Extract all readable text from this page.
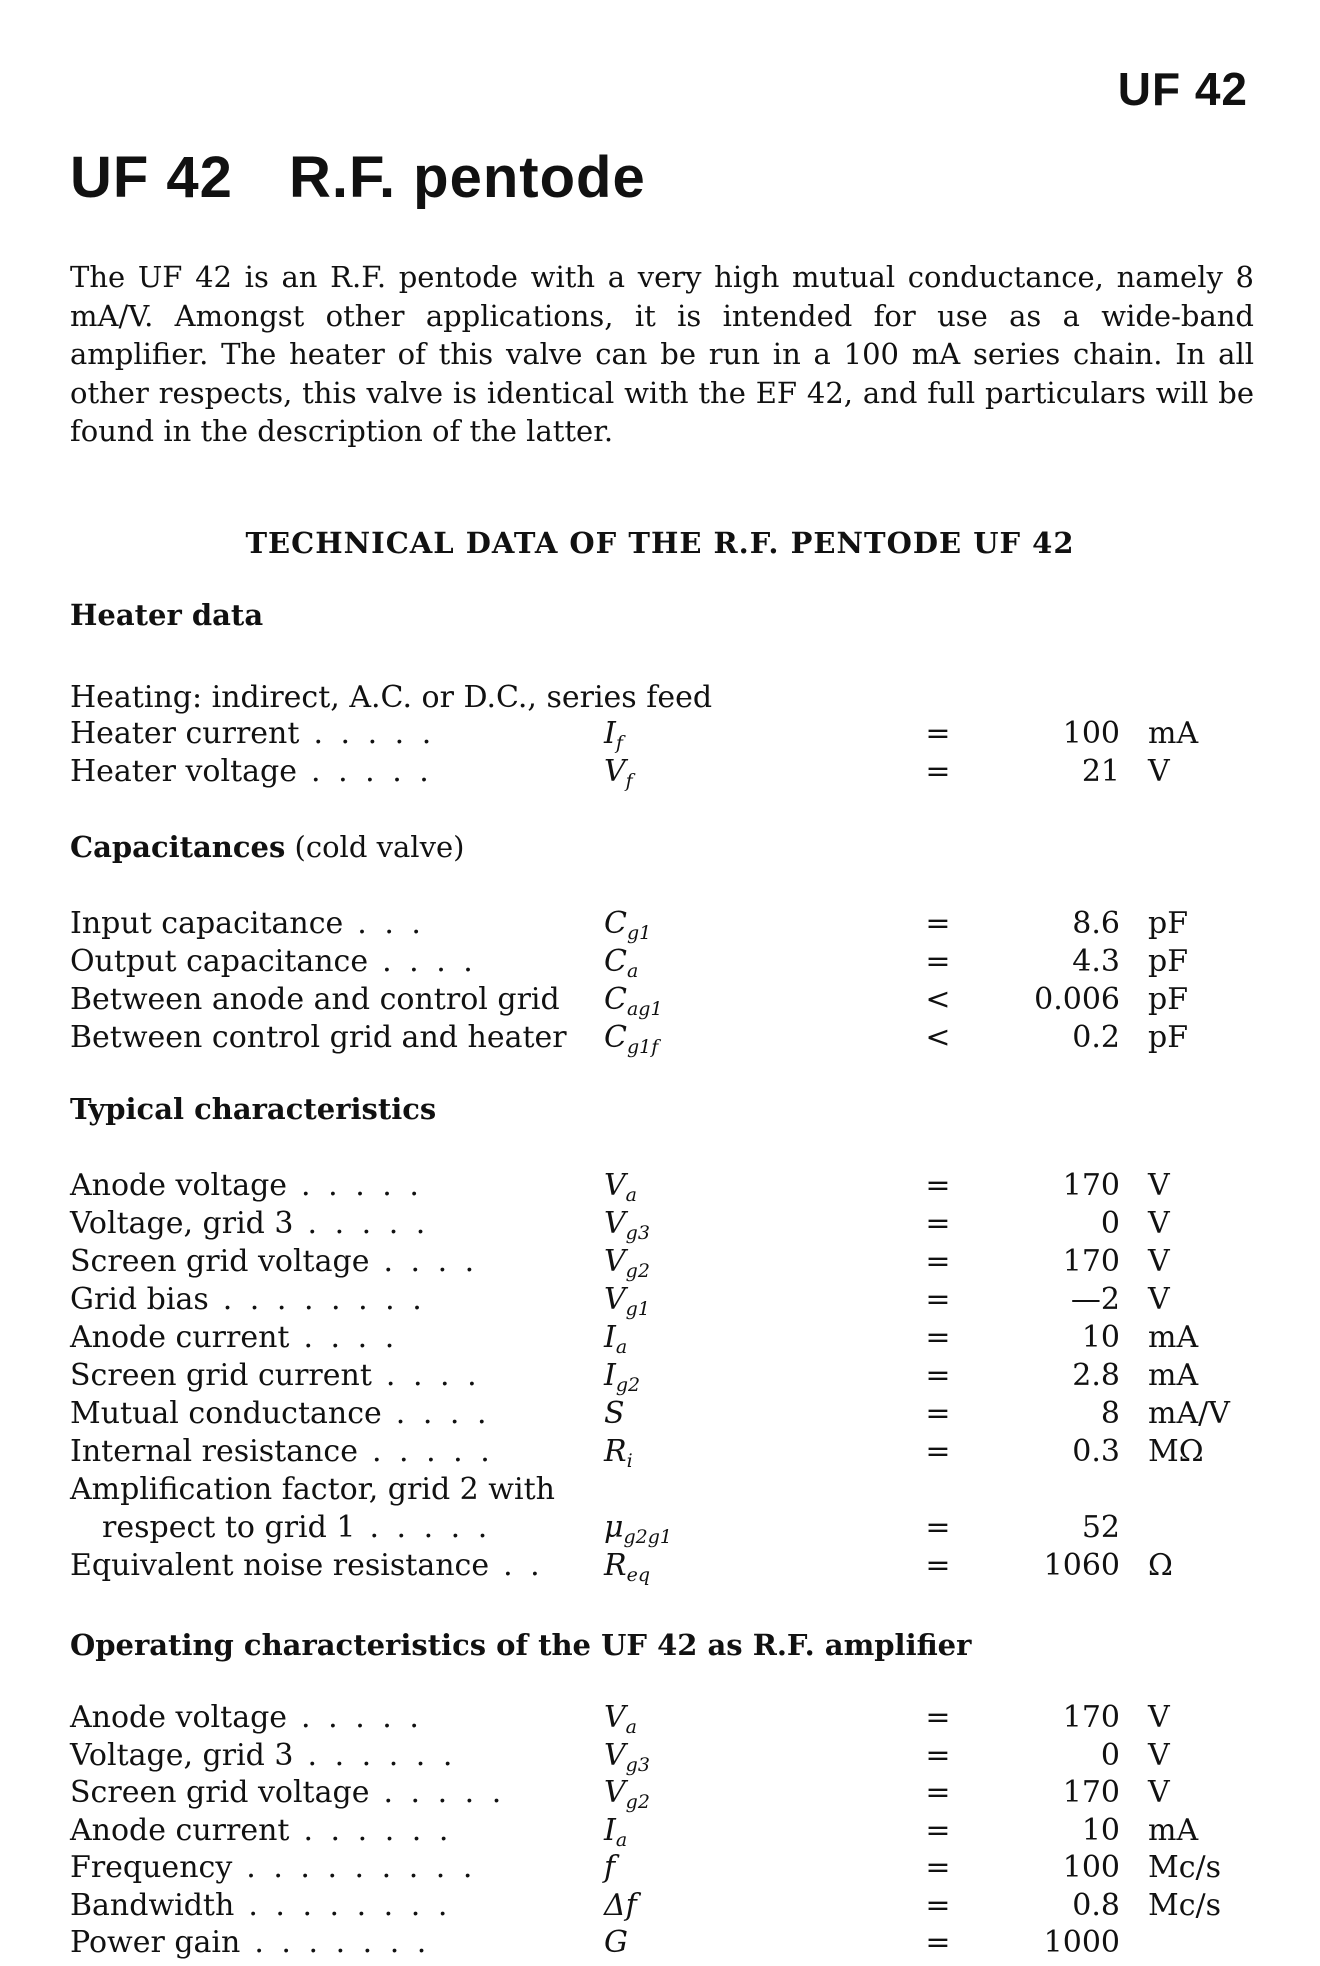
UF 42
UF 42 R.F. pentode

The UF 42 is an R.F. pentode with a very high mutual conductance, namely 8 mA/V. Amongst other applications, it is intended for use as a wide-band amplifier. The heater of this valve can be run in a 100 mA series chain. In all other respects, this valve is identical with the EF 42, and full particulars will be found in the description of the latter.

TECHNICAL DATA OF THE R.F. PENTODE UF 42
Heater data
Heating: indirect, A.C. or D.C., series feed
Heater current . . . . .	$I_f$	=	100 mA
Heater voltage . . . . .	$V_f$	=	21 V
Capacitances (cold valve)
Input capacitance . . .	$C_{g1}$	=	8.6 pF
Output capacitance . . . .	$C_a$	=	4.3 pF
Between anode and control grid $C_{ag1}$	<	0.006 pF
Between control grid and heater $C_{g1f}$	<	0.2 pF
Typical characteristics
Anode voltage . . . . .	$V_a$	=	170 V
Voltage, grid 3 . . . . .	$V_{g3}$	=	0 V
Screen grid voltage . . . .	$V_{g2}$	=	170 V
Grid bias . . . . . . . .	$V_{g1}$	=	—2 V
Anode current . . . .	$I_a$	=	10 mA
Screen grid current . . . .	$I_{g2}$	=	2.8 mA
Mutual conductance . . . .	S	=	8 mA/V
Internal resistance . . . . .	$R_i$	=	0.3 MΩ
Amplification factor, grid 2 with
respect to grid 1 . . . . .	$\mu_{g2g1}$	=	52
Equivalent noise resistance . . $R_{eq}$	=	1060 Ω
Operating characteristics of the UF 42 as R.F. amplifier
Anode voltage . . . . .	$V_a$	=	170 V
Voltage, grid 3 . . . . . .	$V_{g3}$	=	0 V
Screen grid voltage . . . . .	$V_{g2}$	=	170 V
Anode current . . . . . .	$I_a$	=	10 mA
Frequency . . . . . . . . .	f	=	100 Mc/s
Bandwidth . . . . . . . .	Δf	=	0.8 Mc/s
Power gain . . . . . . .	G	=	1000
